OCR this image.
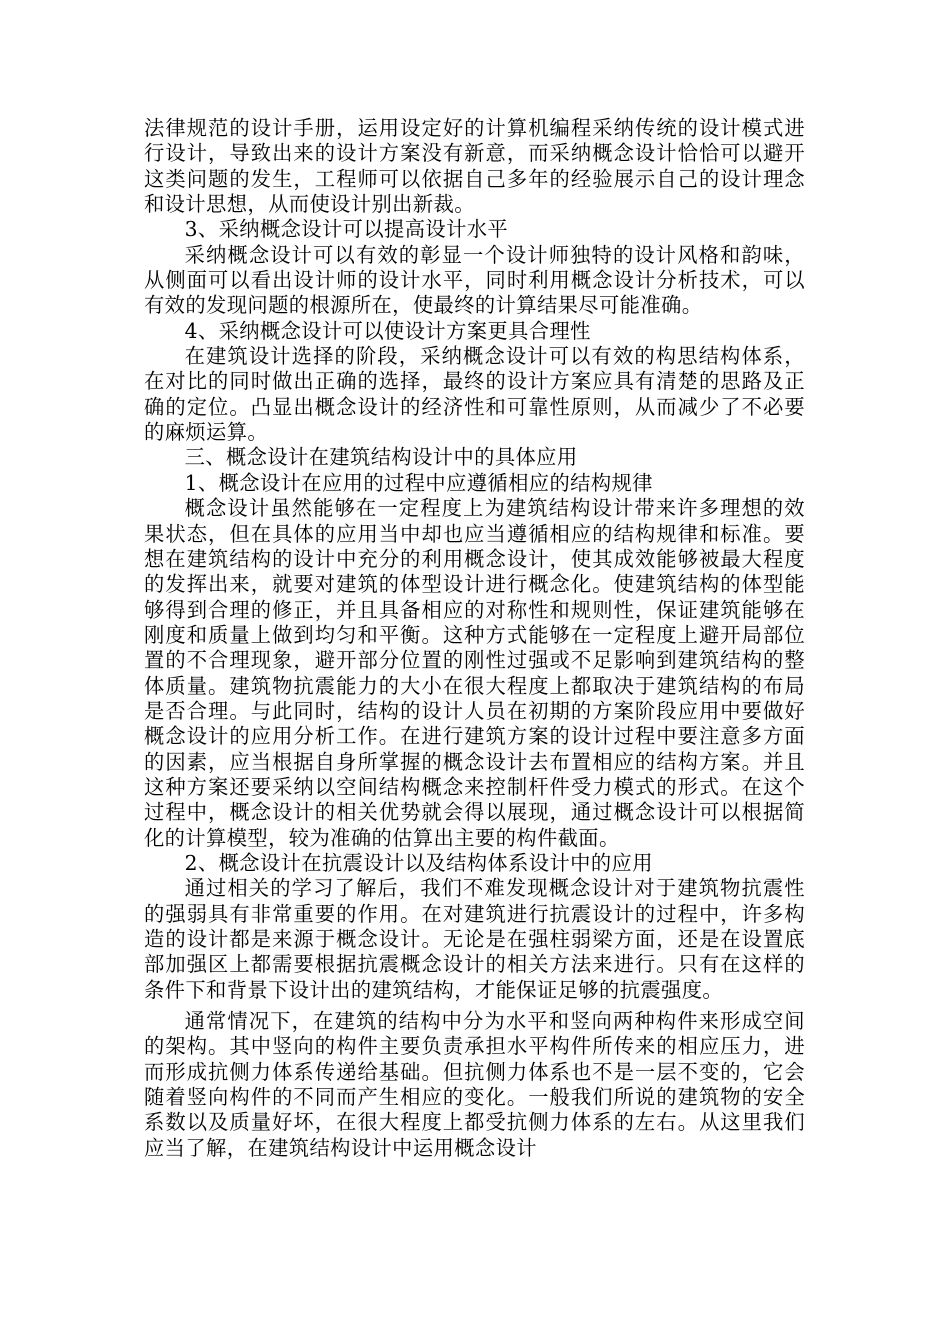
法律规范的设计手册，运用设定好的计算机编程采纳传统的设计模式进行设计，导致出来的设计方案没有新意，而采纳概念设计恰恰可以避开这类问题的发生，工程师可以依据自己多年的经验展示自己的设计理念和设计思想，从而使设计别出新裁。

3、采纳概念设计可以提高设计水平

采纳概念设计可以有效的彰显一个设计师独特的设计风格和韵味，从侧面可以看出设计师的设计水平，同时利用概念设计分析技术，可以有效的发现问题的根源所在，使最终的计算结果尽可能准确。

4、采纳概念设计可以使设计方案更具合理性

在建筑设计选择的阶段，采纳概念设计可以有效的构思结构体系，在对比的同时做出正确的选择，最终的设计方案应具有清楚的思路及正确的定位。凸显出概念设计的经济性和可靠性原则，从而减少了不必要的麻烦运算。

三、概念设计在建筑结构设计中的具体应用

1、概念设计在应用的过程中应遵循相应的结构规律

概念设计虽然能够在一定程度上为建筑结构设计带来许多理想的效果状态，但在具体的应用当中却也应当遵循相应的结构规律和标准。要想在建筑结构的设计中充分的利用概念设计，使其成效能够被最大程度的发挥出来，就要对建筑的体型设计进行概念化。使建筑结构的体型能够得到合理的修正，并且具备相应的对称性和规则性，保证建筑能够在刚度和质量上做到均匀和平衡。这种方式能够在一定程度上避开局部位置的不合理现象，避开部分位置的刚性过强或不足影响到建筑结构的整体质量。建筑物抗震能力的大小在很大程度上都取决于建筑结构的布局是否合理。与此同时，结构的设计人员在初期的方案阶段应用中要做好概念设计的应用分析工作。在进行建筑方案的设计过程中要注意多方面的因素，应当根据自身所掌握的概念设计去布置相应的结构方案。并且这种方案还要采纳以空间结构概念来控制杆件受力模式的形式。在这个过程中，概念设计的相关优势就会得以展现，通过概念设计可以根据简化的计算模型，较为准确的估算出主要的构件截面。

2、概念设计在抗震设计以及结构体系设计中的应用

通过相关的学习了解后，我们不难发现概念设计对于建筑物抗震性的强弱具有非常重要的作用。在对建筑进行抗震设计的过程中，许多构造的设计都是来源于概念设计。无论是在强柱弱梁方面，还是在设置底部加强区上都需要根据抗震概念设计的相关方法来进行。只有在这样的条件下和背景下设计出的建筑结构，才能保证足够的抗震强度。

通常情况下，在建筑的结构中分为水平和竖向两种构件来形成空间的架构。其中竖向的构件主要负责承担水平构件所传来的相应压力，进而形成抗侧力体系传递给基础。但抗侧力体系也不是一层不变的，它会随着竖向构件的不同而产生相应的变化。一般我们所说的建筑物的安全系数以及质量好坏，在很大程度上都受抗侧力体系的左右。从这里我们应当了解，在建筑结构设计中运用概念设计
